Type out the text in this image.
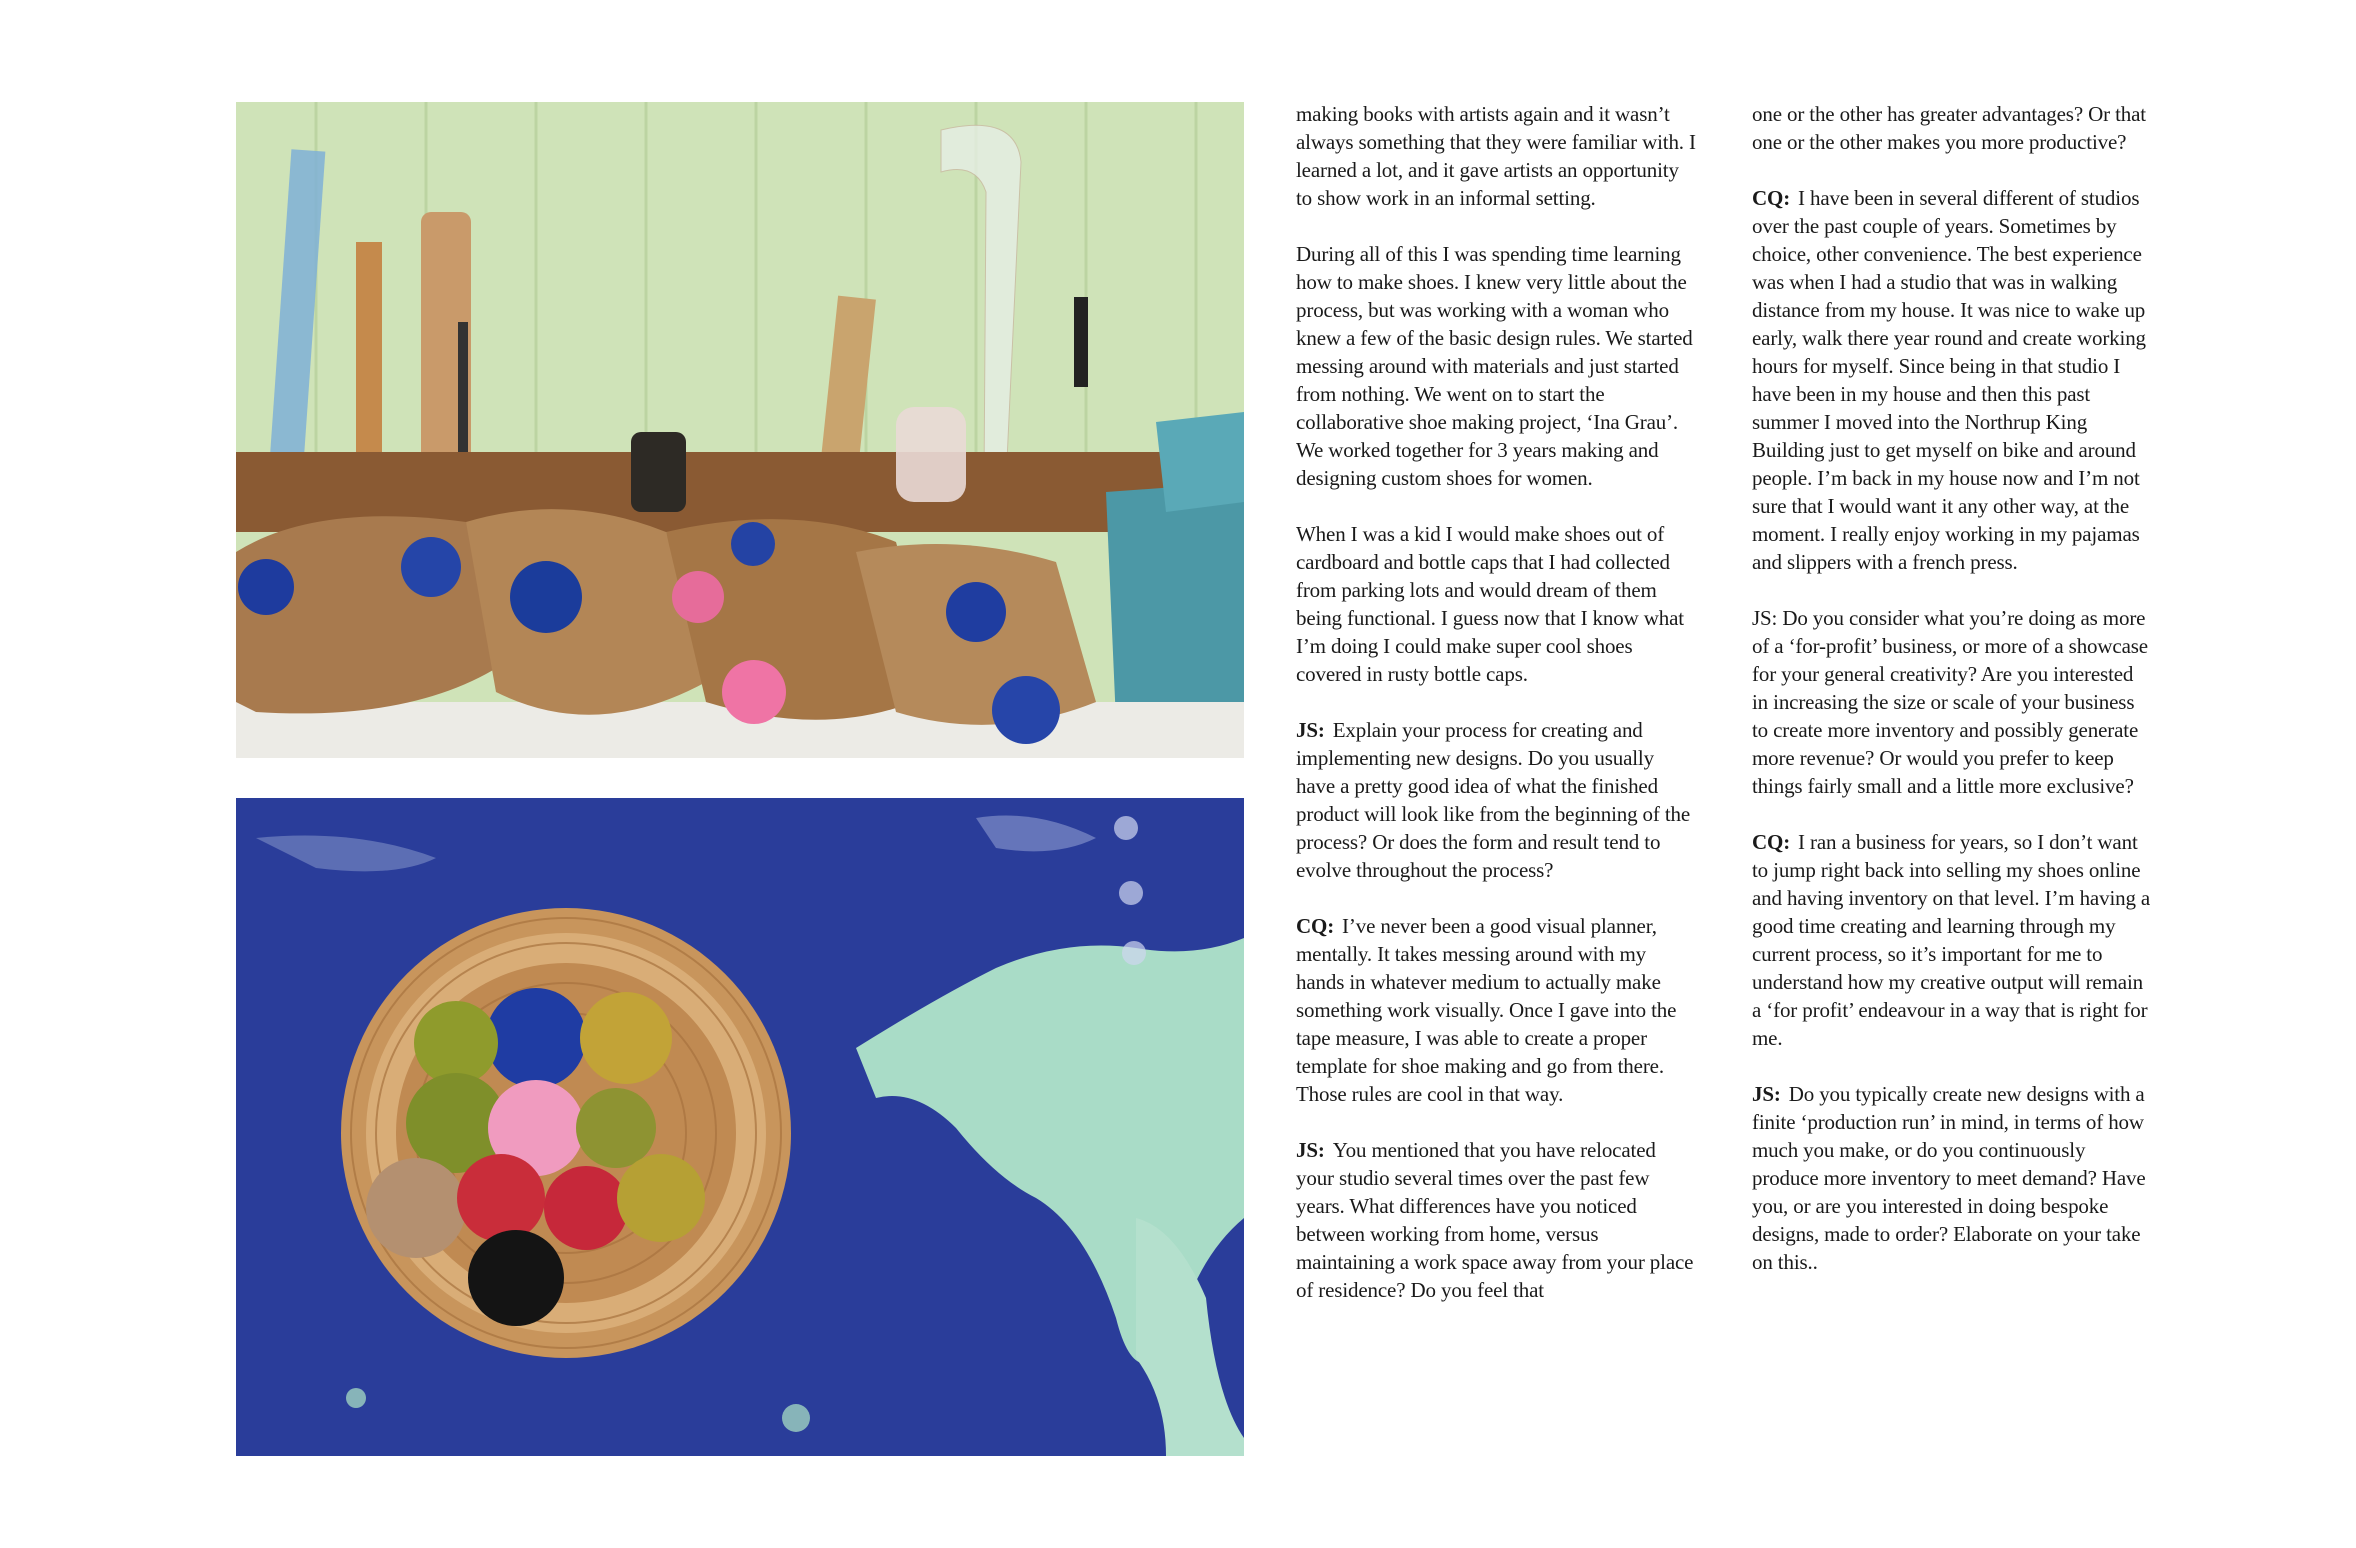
making books with artists again and it wasn’t always something that they were familiar with. I learned a lot, and it gave artists an opportunity to show work in an informal setting.

During all of this I was spending time learning how to make shoes. I knew very little about the process, but was working with a woman who knew a few of the basic design rules. We started messing around with materials and just started from nothing. We went on to start the collaborative shoe making project, ‘Ina Grau’. We worked together for 3 years making and designing custom shoes for women.

When I was a kid I would make shoes out of cardboard and bottle caps that I had collected from parking lots and would dream of them being functional. I guess now that I know what I’m doing I could make super cool shoes covered in rusty bottle caps.

JS: Explain your process for creating and implementing new designs. Do you usually have a pretty good idea of what the finished product will look like from the beginning of the process? Or does the form and result tend to evolve throughout the process?

CQ: I’ve never been a good visual planner, mentally. It takes messing around with my hands in whatever medium to actually make something work visually. Once I gave into the tape measure, I was able to create a proper template for shoe making and go from there. Those rules are cool in that way.

JS: You mentioned that you have relocated your studio several times over the past few years. What differences have you noticed between working from home, versus maintaining a work space away from your place of residence? Do you feel that

one or the other has greater advantages? Or that one or the other makes you more productive?

CQ: I have been in several different of studios over the past couple of years. Sometimes by choice, other convenience. The best experience was when I had a studio that was in walking distance from my house. It was nice to wake up early, walk there year round and create working hours for myself. Since being in that studio I have been in my house and then this past summer I moved into the Northrup King Building just to get myself on bike and around people. I’m back in my house now and I’m not sure that I would want it any other way, at the moment. I really enjoy working in my pajamas and slippers with a french press.

JS: Do you consider what you’re doing as more of a ‘for-profit’ business, or more of a showcase for your general creativity? Are you interested in increasing the size or scale of your business to create more inventory and possibly generate more revenue? Or would you prefer to keep things fairly small and a little more exclusive?

CQ: I ran a business for years, so I don’t want to jump right back into selling my shoes online and having inventory on that level. I’m having a good time creating and learning through my current process, so it’s important for me to understand how my creative output will remain a ‘for profit’ endeavour in a way that is right for me.

JS: Do you typically create new designs with a finite ‘production run’ in mind, in terms of how much you make, or do you continuously produce more inventory to meet demand? Have you, or are you interested in doing bespoke designs, made to order? Elaborate on your take on this..
